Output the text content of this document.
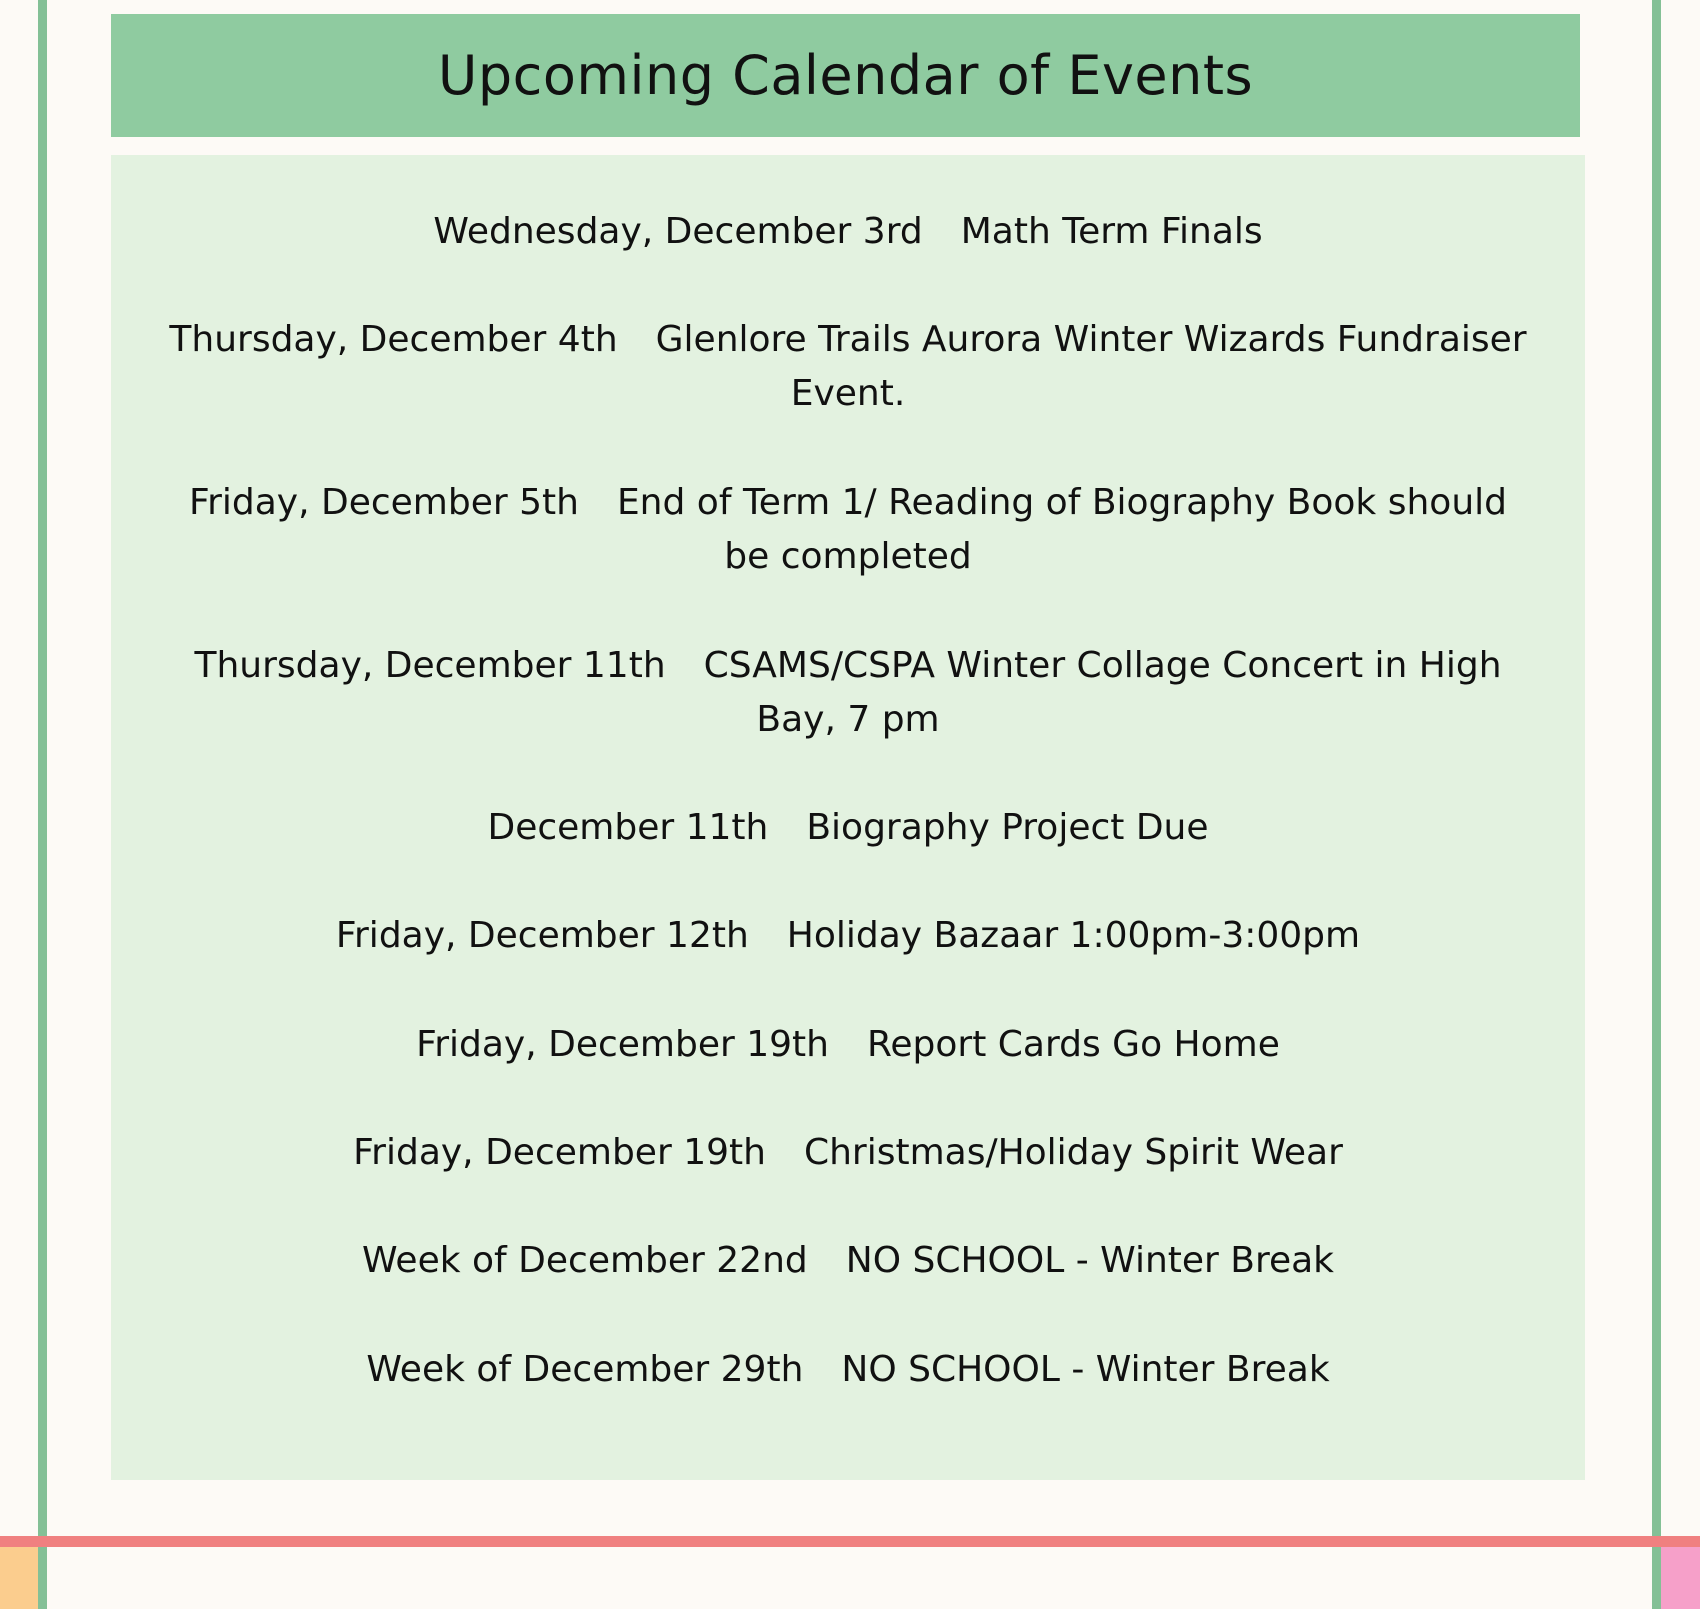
Upcoming Calendar of Events
Wednesday, December 3rd Math Term Finals
Thursday, December 4th Glenlore Trails Aurora Winter Wizards Fundraiser Event.
Friday, December 5th End of Term 1/ Reading of Biography Book should be completed
Thursday, December 11th CSAMS/CSPA Winter Collage Concert in High Bay, 7 pm
December 11th Biography Project Due
Friday, December 12th Holiday Bazaar 1:00pm-3:00pm
Friday, December 19th Report Cards Go Home
Friday, December 19th Christmas/Holiday Spirit Wear
Week of December 22nd NO SCHOOL - Winter Break
Week of December 29th NO SCHOOL - Winter Break
